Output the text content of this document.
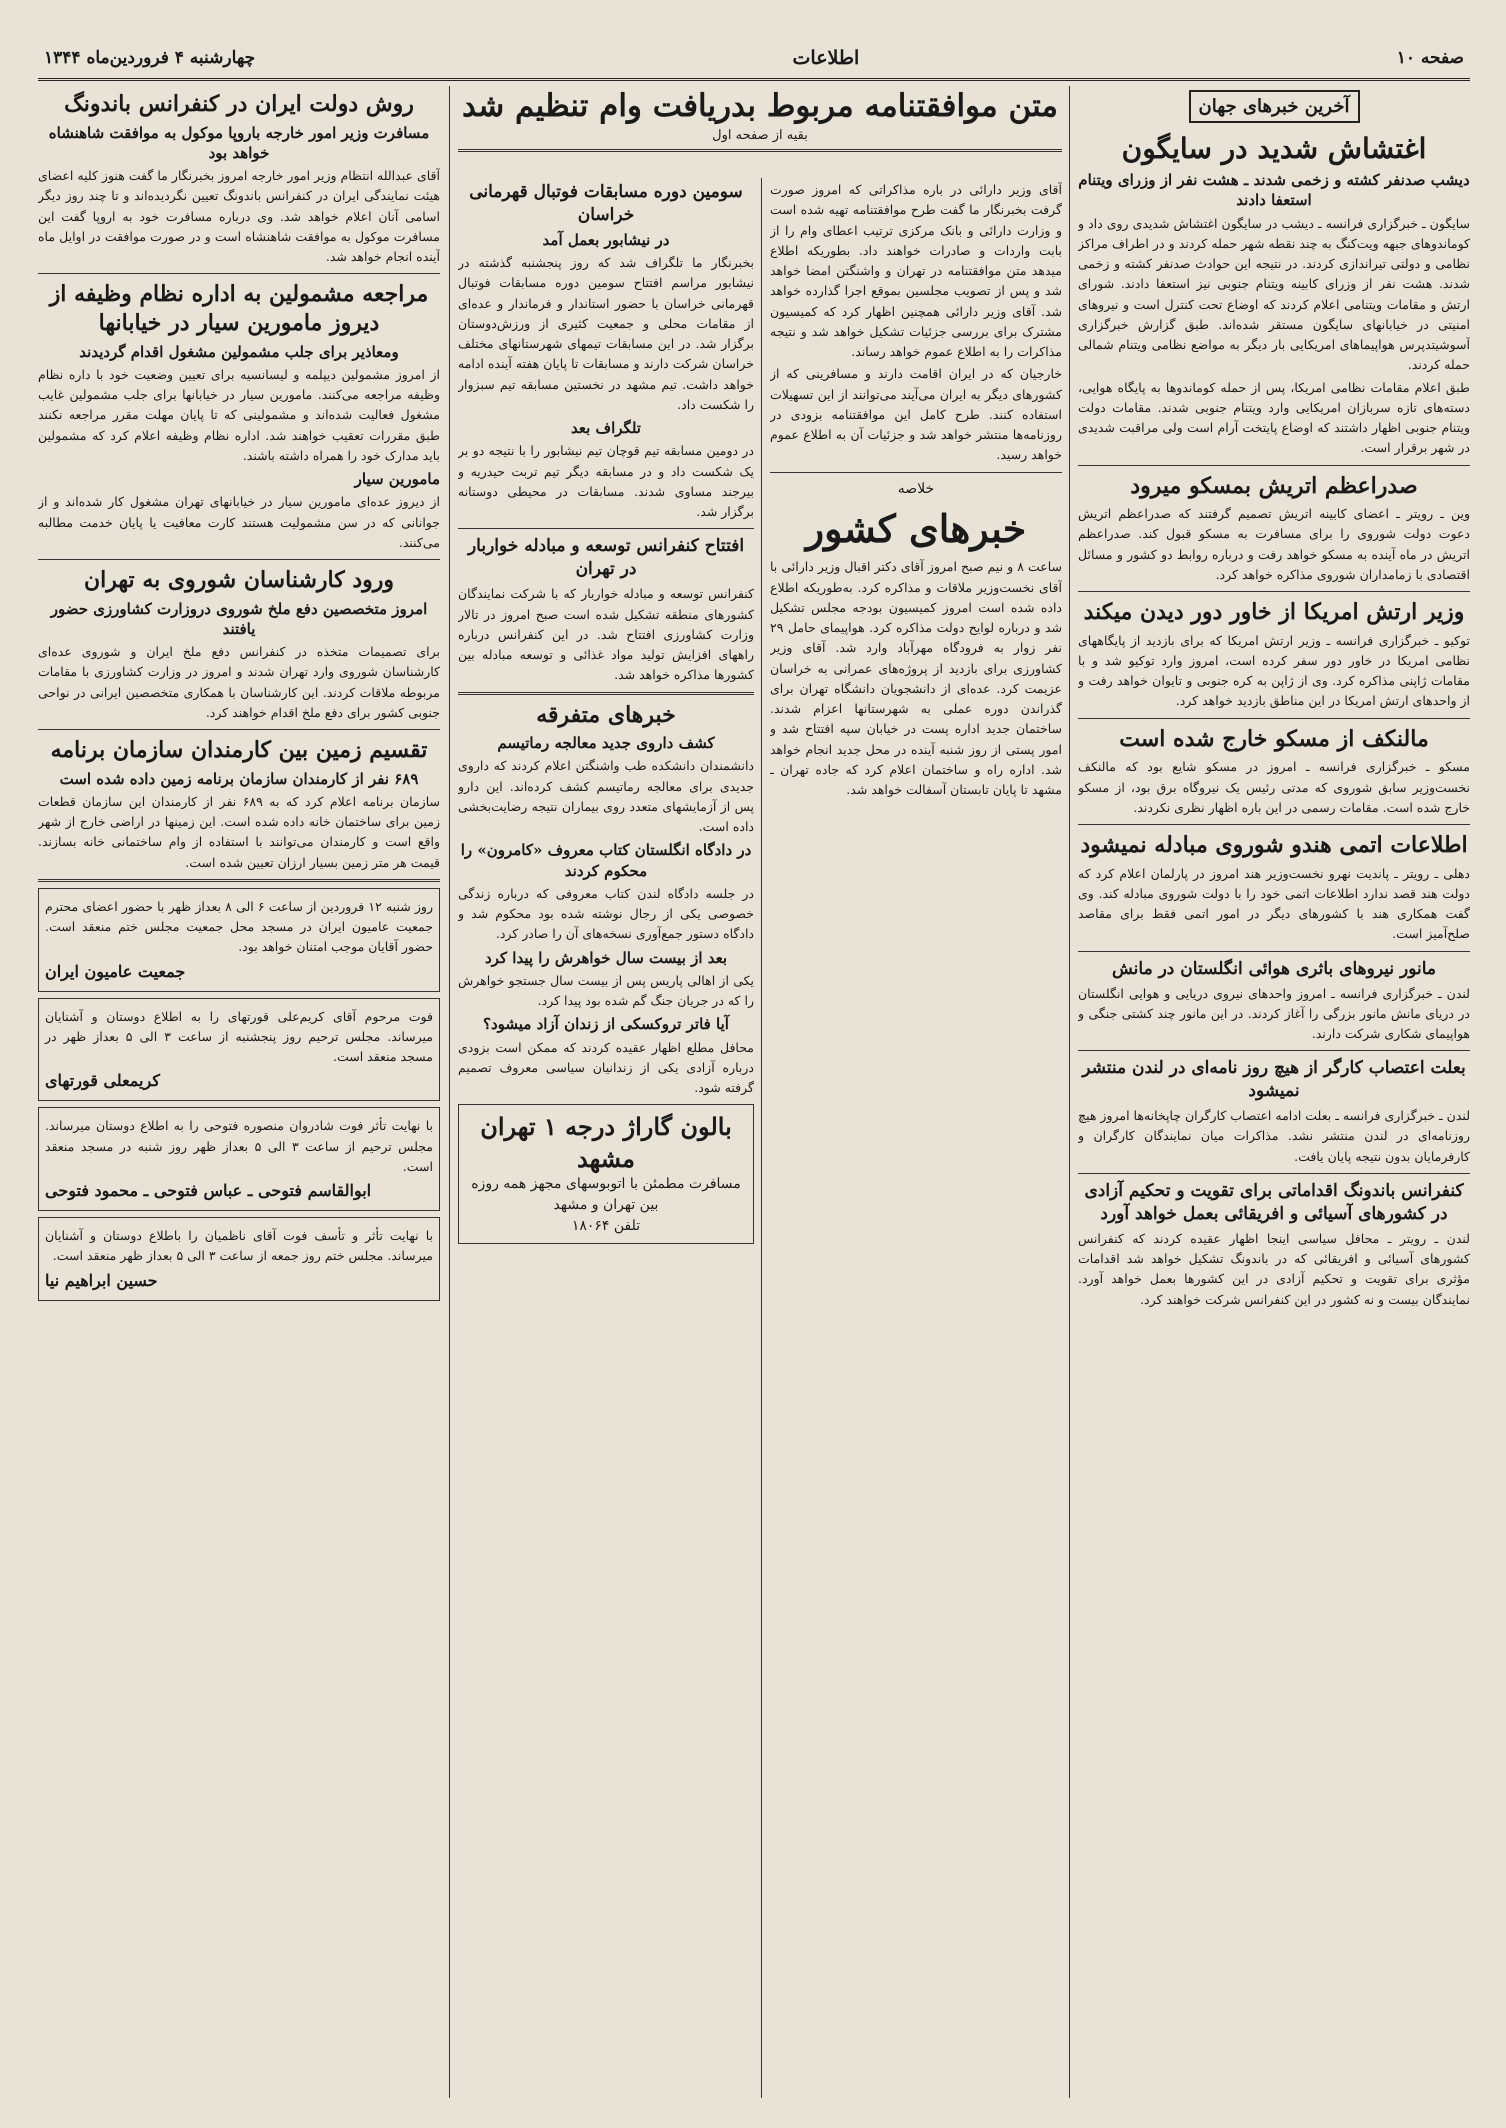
صفحه ۱۰
اطلاعات
چهارشنبه ۴ فروردین‌ماه ۱۳۴۴
آخرین خبرهای جهان
اغتشاش شدید در سایگون
دیشب صدنفر کشته و زخمی شدند ـ هشت نفر از وزرای ویتنام استعفا دادند
سایگون ـ خبرگزاری فرانسه ـ دیشب در سایگون اغتشاش شدیدی روی داد و کوماندوهای جبهه ویت‌کنگ به چند نقطه شهر حمله کردند و در اطراف مراکز نظامی و دولتی تیراندازی کردند. در نتیجه این حوادث صدنفر کشته و زخمی شدند. هشت نفر از وزرای کابینه ویتنام جنوبی نیز استعفا دادند. شورای ارتش و مقامات ویتنامی اعلام کردند که اوضاع تحت کنترل است و نیروهای امنیتی در خیابانهای سایگون مستقر شده‌اند. طبق گزارش خبرگزاری آسوشیتدپرس هواپیماهای امریکایی بار دیگر به مواضع نظامی ویتنام شمالی حمله کردند.
طبق اعلام مقامات نظامی امریکا، پس از حمله کوماندوها به پایگاه هوایی، دسته‌های تازه سربازان امریکایی وارد ویتنام جنوبی شدند. مقامات دولت ویتنام جنوبی اظهار داشتند که اوضاع پایتخت آرام است ولی مراقبت شدیدی در شهر برقرار است.
صدراعظم اتریش بمسکو میرود
وین ـ رویتر ـ اعضای کابینه اتریش تصمیم گرفتند که صدراعظم اتریش دعوت دولت شوروی را برای مسافرت به مسکو قبول کند. صدراعظم اتریش در ماه آینده به مسکو خواهد رفت و درباره روابط دو کشور و مسائل اقتصادی با زمامداران شوروی مذاکره خواهد کرد.
وزیر ارتش امریکا از خاور دور دیدن میکند
توکیو ـ خبرگزاری فرانسه ـ وزیر ارتش امریکا که برای بازدید از پایگاههای نظامی امریکا در خاور دور سفر کرده است، امروز وارد توکیو شد و با مقامات ژاپنی مذاکره کرد. وی از ژاپن به کره جنوبی و تایوان خواهد رفت و از واحدهای ارتش امریکا در این مناطق بازدید خواهد کرد.
مالنکف از مسکو خارج شده است
مسکو ـ خبرگزاری فرانسه ـ امروز در مسکو شایع بود که مالنکف نخست‌وزیر سابق شوروی که مدتی رئیس یک نیروگاه برق بود، از مسکو خارج شده است. مقامات رسمی در این باره اظهار نظری نکردند.
اطلاعات اتمی هندو شوروی مبادله نمیشود
دهلی ـ رویتر ـ پاندیت نهرو نخست‌وزیر هند امروز در پارلمان اعلام کرد که دولت هند قصد ندارد اطلاعات اتمی خود را با دولت شوروی مبادله کند. وی گفت همکاری هند با کشورهای دیگر در امور اتمی فقط برای مقاصد صلح‌آمیز است.
مانور نیروهای باثری هوائی انگلستان در مانش
لندن ـ خبرگزاری فرانسه ـ امروز واحدهای نیروی دریایی و هوایی انگلستان در دریای مانش مانور بزرگی را آغاز کردند. در این مانور چند کشتی جنگی و هواپیمای شکاری شرکت دارند.
بعلت اعتصاب کارگر از هیچ روز نامه‌ای در لندن منتشر نمیشود
لندن ـ خبرگزاری فرانسه ـ بعلت ادامه اعتصاب کارگران چاپخانه‌ها امروز هیچ روزنامه‌ای در لندن منتشر نشد. مذاکرات میان نمایندگان کارگران و کارفرمایان بدون نتیجه پایان یافت.
کنفرانس باندونگ اقداماتی برای تقویت و تحکیم آزادی در کشورهای آسیائی و افریقائی بعمل خواهد آورد
لندن ـ رویتر ـ محافل سیاسی اینجا اظهار عقیده کردند که کنفرانس کشورهای آسیائی و افریقائی که در باندونگ تشکیل خواهد شد اقدامات مؤثری برای تقویت و تحکیم آزادی در این کشورها بعمل خواهد آورد. نمایندگان بیست و نه کشور در این کنفرانس شرکت خواهند کرد.
متن موافقتنامه مربوط بدریافت وام تنظیم شد
بقیه از صفحه اول
آقای وزیر دارائی در باره مذاکراتی که امروز صورت گرفت بخبرنگار ما گفت طرح موافقتنامه تهیه شده است و وزارت دارائی و بانک مرکزی ترتیب اعطای وام را از بابت واردات و صادرات خواهند داد. بطوریکه اطلاع میدهد متن موافقتنامه در تهران و واشنگتن امضا خواهد شد و پس از تصویب مجلسین بموقع اجرا گذارده خواهد شد. آقای وزیر دارائی همچنین اظهار کرد که کمیسیون مشترک برای بررسی جزئیات تشکیل خواهد شد و نتیجه مذاکرات را به اطلاع عموم خواهد رساند.
خارجیان که در ایران اقامت دارند و مسافرینی که از کشورهای دیگر به ایران می‌آیند می‌توانند از این تسهیلات استفاده کنند. طرح کامل این موافقتنامه بزودی در روزنامه‌ها منتشر خواهد شد و جزئیات آن به اطلاع عموم خواهد رسید.
خلاصه
خبرهای کشور
ساعت ۸ و نیم صبح امروز آقای دکتر اقبال وزیر دارائی با آقای نخست‌وزیر ملاقات و مذاکره کرد. به‌طوریکه اطلاع داده شده است امروز کمیسیون بودجه مجلس تشکیل شد و درباره لوایح دولت مذاکره کرد. هواپیمای حامل ۲۹ نفر زوار به فرودگاه مهرآباد وارد شد. آقای وزیر کشاورزی برای بازدید از پروژه‌های عمرانی به خراسان عزیمت کرد. عده‌ای از دانشجویان دانشگاه تهران برای گذراندن دوره عملی به شهرستانها اعزام شدند. ساختمان جدید اداره پست در خیابان سپه افتتاح شد و امور پستی از روز شنبه آینده در محل جدید انجام خواهد شد. اداره راه و ساختمان اعلام کرد که جاده تهران ـ مشهد تا پایان تابستان آسفالت خواهد شد.
سومین دوره مسابقات فوتبال قهرمانی خراسان
در نیشابور بعمل آمد
بخبرنگار ما تلگراف شد که روز پنجشنبه گذشته در نیشابور مراسم افتتاح سومین دوره مسابقات فوتبال قهرمانی خراسان با حضور استاندار و فرماندار و عده‌ای از مقامات محلی و جمعیت کثیری از ورزش‌دوستان برگزار شد. در این مسابقات تیمهای شهرستانهای مختلف خراسان شرکت دارند و مسابقات تا پایان هفته آینده ادامه خواهد داشت. تیم مشهد در نخستین مسابقه تیم سبزوار را شکست داد.
تلگراف بعد
در دومین مسابقه تیم قوچان تیم نیشابور را با نتیجه دو بر یک شکست داد و در مسابقه دیگر تیم تربت حیدریه و بیرجند مساوی شدند. مسابقات در محیطی دوستانه برگزار شد.
افتتاح کنفرانس توسعه و مبادله خواربار در تهران
کنفرانس توسعه و مبادله خواربار که با شرکت نمایندگان کشورهای منطقه تشکیل شده است صبح امروز در تالار وزارت کشاورزی افتتاح شد. در این کنفرانس درباره راههای افزایش تولید مواد غذائی و توسعه مبادله بین کشورها مذاکره خواهد شد.
خبرهای متفرقه
کشف داروی جدید معالجه رماتیسم
دانشمندان دانشکده طب واشنگتن اعلام کردند که داروی جدیدی برای معالجه رماتیسم کشف کرده‌اند. این دارو پس از آزمایشهای متعدد روی بیماران نتیجه رضایت‌بخشی داده است.
در دادگاه انگلستان کتاب معروف «کامرون» را محکوم کردند
در جلسه دادگاه لندن کتاب معروفی که درباره زندگی خصوصی یکی از رجال نوشته شده بود محکوم شد و دادگاه دستور جمع‌آوری نسخه‌های آن را صادر کرد.
بعد از بیست سال خواهرش را پیدا کرد
یکی از اهالی پاریس پس از بیست سال جستجو خواهرش را که در جریان جنگ گم شده بود پیدا کرد.
آیا فاتر تروکسکی از زندان آزاد میشود؟
محافل مطلع اظهار عقیده کردند که ممکن است بزودی درباره آزادی یکی از زندانیان سیاسی معروف تصمیم گرفته شود.
بالون گاراژ درجه ۱ تهران مشهد
مسافرت مطمئن با اتوبوسهای مجهز همه روزه بین تهران و مشهد
تلفن ۱۸۰۶۴
روش دولت ایران در کنفرانس باندونگ
مسافرت وزیر امور خارجه باروپا موکول به موافقت شاهنشاه خواهد بود
آقای عبدالله انتظام وزیر امور خارجه امروز بخبرنگار ما گفت هنوز کلیه اعضای هیئت نمایندگی ایران در کنفرانس باندونگ تعیین نگردیده‌اند و تا چند روز دیگر اسامی آنان اعلام خواهد شد. وی درباره مسافرت خود به اروپا گفت این مسافرت موکول به موافقت شاهنشاه است و در صورت موافقت در اوایل ماه آینده انجام خواهد شد.
مراجعه مشمولین به اداره نظام وظیفه از دیروز مامورین سیار در خیابانها
ومعاذیر برای جلب مشمولین مشغول اقدام گردیدند
از امروز مشمولین دیپلمه و لیسانسیه برای تعیین وضعیت خود با داره نظام وظیفه مراجعه می‌کنند. مامورین سیار در خیابانها برای جلب مشمولین غایب مشغول فعالیت شده‌اند و مشمولینی که تا پایان مهلت مقرر مراجعه نکنند طبق مقررات تعقیب خواهند شد. اداره نظام وظیفه اعلام کرد که مشمولین باید مدارک خود را همراه داشته باشند.
مامورین سیار
از دیروز عده‌ای مامورین سیار در خیابانهای تهران مشغول کار شده‌اند و از جوانانی که در سن مشمولیت هستند کارت معافیت یا پایان خدمت مطالبه می‌کنند.
ورود کارشناسان شوروی به تهران
امروز متخصصین دفع ملخ شوروی دروزارت کشاورزی حضور یافتند
برای تصمیمات متخذه در کنفرانس دفع ملخ ایران و شوروی عده‌ای کارشناسان شوروی وارد تهران شدند و امروز در وزارت کشاورزی با مقامات مربوطه ملاقات کردند. این کارشناسان با همکاری متخصصین ایرانی در نواحی جنوبی کشور برای دفع ملخ اقدام خواهند کرد.
تقسیم زمین بین کارمندان سازمان برنامه
۶۸۹ نفر از کارمندان سازمان برنامه زمین داده شده است
سازمان برنامه اعلام کرد که به ۶۸۹ نفر از کارمندان این سازمان قطعات زمین برای ساختمان خانه داده شده است. این زمینها در اراضی خارج از شهر واقع است و کارمندان می‌توانند با استفاده از وام ساختمانی خانه بسازند. قیمت هر متر زمین بسیار ارزان تعیین شده است.
روز شنبه ۱۲ فروردین از ساعت ۶ الی ۸ بعداز ظهر با حضور اعضای محترم جمعیت عامیون ایران در مسجد محل جمعیت مجلس ختم منعقد است. حضور آقایان موجب امتنان خواهد بود.
جمعیت عامیون ایران
فوت مرحوم آقای کریم‌علی قورتهای را به اطلاع دوستان و آشنایان میرساند. مجلس ترحیم روز پنجشنبه از ساعت ۳ الی ۵ بعداز ظهر در مسجد منعقد است.
کریمعلی قورتهای
با نهایت تأثر فوت شادروان منصوره فتوحی را به اطلاع دوستان میرساند. مجلس ترحیم از ساعت ۳ الی ۵ بعداز ظهر روز شنبه در مسجد منعقد است.
ابوالقاسم فتوحی ـ عباس فتوحی ـ محمود فتوحی
با نهایت تأثر و تأسف فوت آقای ناظمیان را باطلاع دوستان و آشنایان میرساند. مجلس ختم روز جمعه از ساعت ۳ الی ۵ بعداز ظهر منعقد است.
حسین ابراهیم نیا
